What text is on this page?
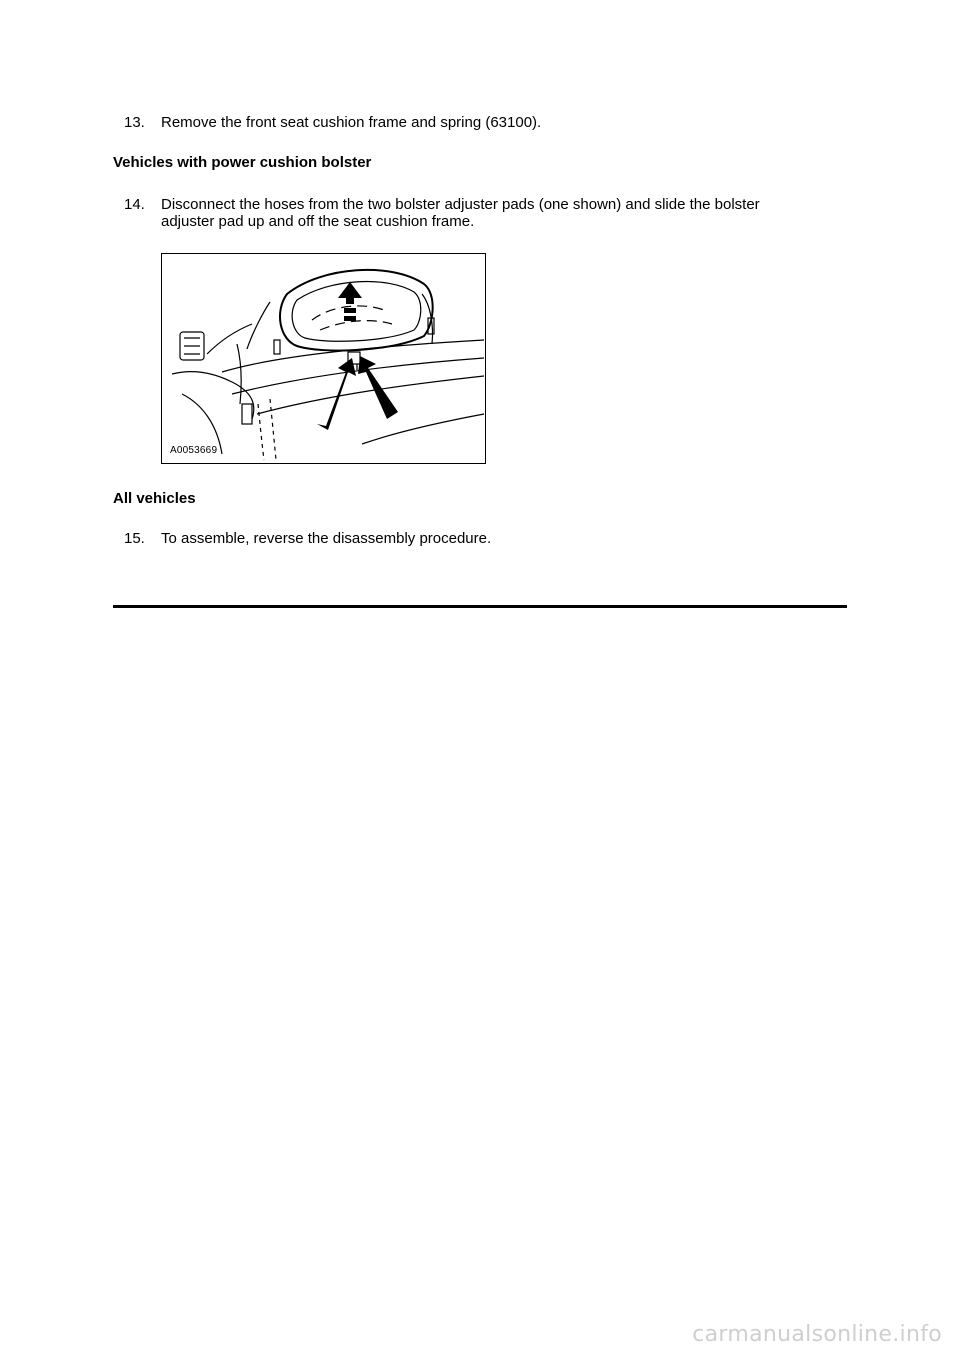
13.	Remove the front seat cushion frame and spring (63100).
Vehicles with power cushion bolster
14.	Disconnect the hoses from the two bolster adjuster pads (one shown) and slide the bolster adjuster pad up and off the seat cushion frame.
A0053669
All vehicles
15.	To assemble, reverse the disassembly procedure.
carmanualsonline.info
